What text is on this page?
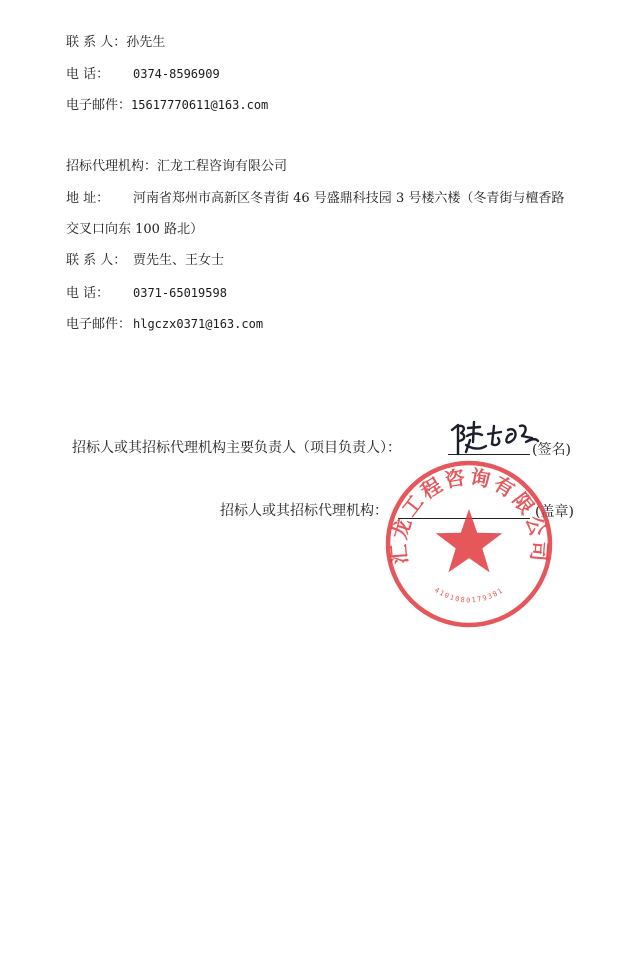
联 系 人：孙先生
电 话： 0374-8596909
电子邮件：15617770611@163.com
招标代理机构：汇龙工程咨询有限公司
地 址： 河南省郑州市高新区冬青街 46 号盛鼎科技园 3 号楼六楼（冬青街与檀香路
交叉口向东 100 路北）
联 系 人： 贾先生、王女士
电 话： 0371-65019598
电子邮件： hlgczx0371@163.com
招标人或其招标代理机构主要负责人（项目负责人）：	(签名)
招标人或其招标代理机构：	(盖章)
汇龙工程咨询有限公司
4101080179381
